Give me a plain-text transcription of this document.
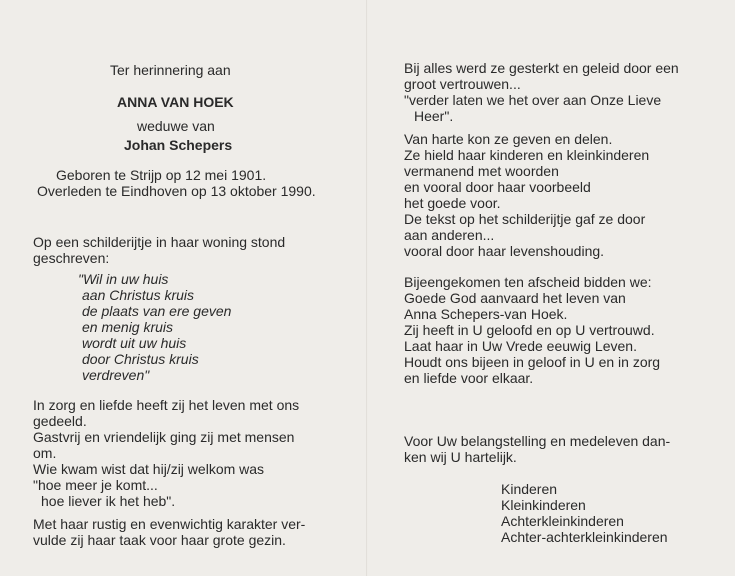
Ter herinnering aan
ANNA VAN HOEK
weduwe van
Johan Schepers
Geboren te Strijp op 12 mei 1901.
Overleden te Eindhoven op 13 oktober 1990.
Op een schilderijtje in haar woning stond
geschreven:
"Wil in uw huis
aan Christus kruis
de plaats van ere geven
en menig kruis
wordt uit uw huis
door Christus kruis
verdreven"
In zorg en liefde heeft zij het leven met ons
gedeeld.
Gastvrij en vriendelijk ging zij met mensen
om.
Wie kwam wist dat hij/zij welkom was
"hoe meer je komt...
hoe liever ik het heb".
Met haar rustig en evenwichtig karakter ver-
vulde zij haar taak voor haar grote gezin.
Bij alles werd ze gesterkt en geleid door een
groot vertrouwen...
"verder laten we het over aan Onze Lieve
Heer".
Van harte kon ze geven en delen.
Ze hield haar kinderen en kleinkinderen
vermanend met woorden
en vooral door haar voorbeeld
het goede voor.
De tekst op het schilderijtje gaf ze door
aan anderen...
vooral door haar levenshouding.
Bijeengekomen ten afscheid bidden we:
Goede God aanvaard het leven van
Anna Schepers-van Hoek.
Zij heeft in U geloofd en op U vertrouwd.
Laat haar in Uw Vrede eeuwig Leven.
Houdt ons bijeen in geloof in U en in zorg
en liefde voor elkaar.
Voor Uw belangstelling en medeleven dan-
ken wij U hartelijk.
Kinderen
Kleinkinderen
Achterkleinkinderen
Achter-achterkleinkinderen
